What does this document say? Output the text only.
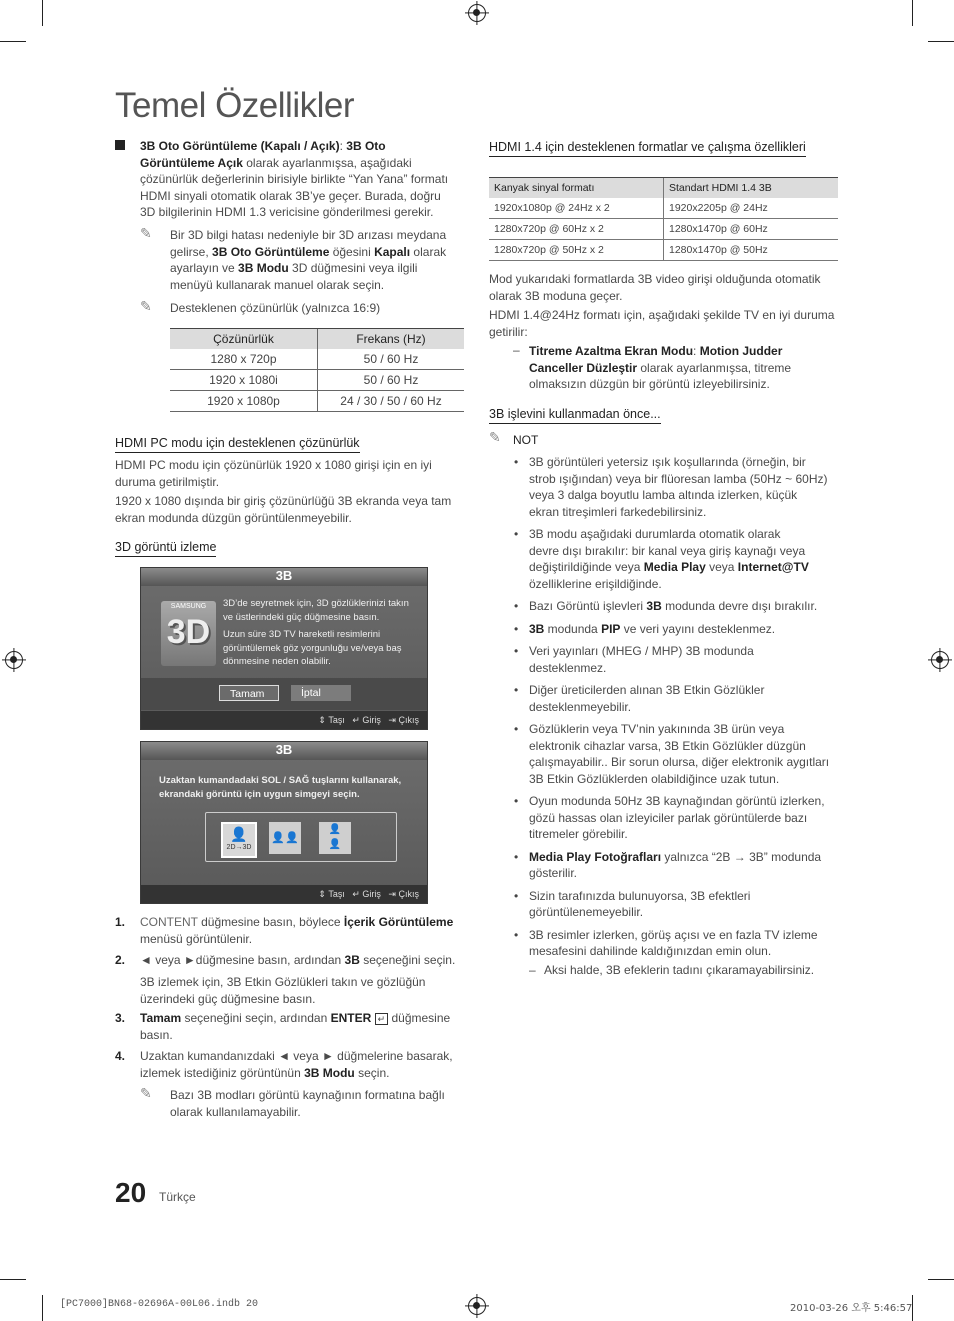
Temel Özellikler
3B Oto Görüntüleme (Kapalı / Açık): 3B Oto
Görüntüleme Açık olarak ayarlanmışsa, aşağıdaki
çözünürlük değerlerinin birisiyle birlikte “Yan Yana” formatı
HDMI sinyali otomatik olarak 3B’ye geçer. Burada, doğru
3D bilgilerinin HDMI 1.3 vericisine gönderilmesi gerekir.
✎	Bir 3D bilgi hatası nedeniyle bir 3D arızası meydana
gelirse, 3B Oto Görüntüleme öğesini Kapalı olarak
ayarlayın ve 3B Modu 3D düğmesini veya ilgili
menüyü kullanarak manuel olarak seçin.
✎	Desteklenen çözünürlük (yalnızca 16:9)
Çözünürlük	Frekans (Hz)
1280 x 720p	50 / 60 Hz
1920 x 1080i	50 / 60 Hz
1920 x 1080p	24 / 30 / 50 / 60 Hz
HDMI PC modu için desteklenen çözünürlük
HDMI PC modu için çözünürlük 1920 x 1080 girişi için en iyi
duruma getirilmiştir.
1920 x 1080 dışında bir giriş çözünürlüğü 3B ekranda veya tam
ekran modunda düzgün görüntülenmeyebilir.
3D görüntü izleme
3B
SAMSUNG
3D
3D’de seyretmek için, 3D gözlüklerinizi takın
ve üstlerindeki güç düğmesine basın.
Uzun süre 3D TV hareketli resimlerini
görüntülemek göz yorgunluğu ve/veya baş
dönmesine neden olabilir.
Tamam	İptal
⇕ Taşı ↵ Giriş ⇥ Çıkış
3B
Uzaktan kumandadaki SOL / SAĞ tuşlarını kullanarak,
ekrandaki görüntü için uygun simgeyi seçin.
👤
2D→3D
👤👤
👤
👤
⇕ Taşı ↵ Giriş ⇥ Çıkış
1. CONTENT düğmesine basın, böylece İçerik Görüntüleme
menüsü görüntülenir.
2. ◄ veya ►düğmesine basın, ardından 3B seçeneğini seçin.
3B izlemek için, 3B Etkin Gözlükleri takın ve gözlüğün
üzerindeki güç düğmesine basın.
3. Tamam seçeneğini seçin, ardından ENTER ↵ düğmesine
basın.
4. Uzaktan kumandanızdaki ◄ veya ► düğmelerine basarak,
izlemek istediğiniz görüntünün 3B Modu seçin.
✎	Bazı 3B modları görüntü kaynağının formatına bağlı
olarak kullanılamayabilir.
HDMI 1.4 için desteklenen formatlar ve çalışma özellikleri
Kanyak sinyal formatı	Standart HDMI 1.4 3B
1920x1080p @ 24Hz x 2	1920x2205p @ 24Hz
1280x720p @ 60Hz x 2	1280x1470p @ 60Hz
1280x720p @ 50Hz x 2	1280x1470p @ 50Hz
Mod yukarıdaki formatlarda 3B video girişi olduğunda otomatik
olarak 3B moduna geçer.
HDMI 1.4@24Hz formatı için, aşağıdaki şekilde TV en iyi duruma
getirilir:
– Titreme Azaltma Ekran Modu: Motion Judder
Canceller Düzleştir olarak ayarlanmışsa, titreme
olmaksızın düzgün bir görüntü izleyebilirsiniz.
3B işlevini kullanmadan önce...
✎	NOT
• 3B görüntüleri yetersiz ışık koşullarında (örneğin, bir
strob ışığından) veya bir flüoresan lamba (50Hz ~ 60Hz)
veya 3 dalga boyutlu lamba altında izlerken, küçük
ekran titreşimleri farkedebilirsiniz.
• 3B modu aşağıdaki durumlarda otomatik olarak
devre dışı bırakılır: bir kanal veya giriş kaynağı veya
değiştirildiğinde veya Media Play veya Internet@TV
özelliklerine erişildiğinde.
• Bazı Görüntü işlevleri 3B modunda devre dışı bırakılır.
• 3B modunda PIP ve veri yayını desteklenmez.
• Veri yayınları (MHEG / MHP) 3B modunda
desteklenmez.
• Diğer üreticilerden alınan 3B Etkin Gözlükler
desteklenmeyebilir.
• Gözlüklerin veya TV’nin yakınında 3B ürün veya
elektronik cihazlar varsa, 3B Etkin Gözlükler düzgün
çalışmayabilir.. Bir sorun olursa, diğer elektronik aygıtları
3B Etkin Gözlüklerden olabildiğince uzak tutun.
• Oyun modunda 50Hz 3B kaynağından görüntü izlerken,
gözü hassas olan izleyiciler parlak görüntülerde bazı
titremeler görebilir.
• Media Play Fotoğrafları yalnızca “2B → 3B” modunda
gösterilir.
• Sizin tarafınızda bulunuyorsa, 3B efektleri
görüntülenemeyebilir.
• 3B resimler izlerken, görüş açısı ve en fazla TV izleme
mesafesini dahilinde kaldığınızdan emin olun.
– Aksi halde, 3B efeklerin tadını çıkaramayabilirsiniz.
20 Türkçe
[PC7000]BN68-02696A-00L06.indb 20	2010-03-26 오후 5:46:57
